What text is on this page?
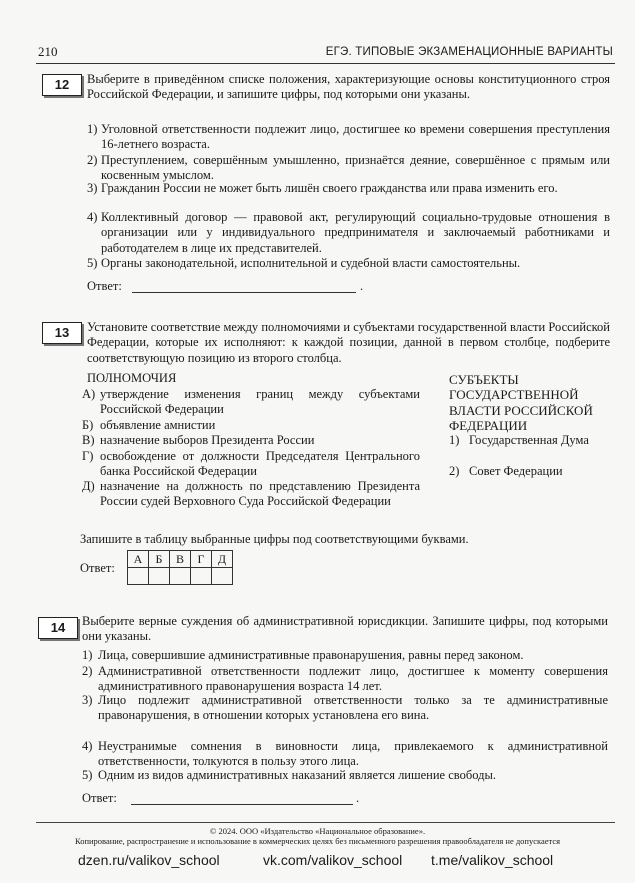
210	ЕГЭ. ТИПОВЫЕ ЭКЗАМЕНАЦИОННЫЕ ВАРИАНТЫ
12	Выберите в приведённом списке положения, характеризующие основы конституционного строя Российской Федерации, и запишите цифры, под которыми они указаны.
1) Уголовной ответственности подлежит лицо, достигшее ко времени совершения преступления 16-летнего возраста.
2) Преступлением, совершённым умышленно, признаётся деяние, совершённое с прямым или косвенным умыслом.
3) Гражданин России не может быть лишён своего гражданства или права изменить его.
4) Коллективный договор — правовой акт, регулирующий социально-трудовые отношения в организации или у индивидуального предпринимателя и заключаемый работниками и работодателем в лице их представителей.
5) Органы законодательной, исполнительной и судебной власти самостоятельны.
Ответ:	.
13	Установите соответствие между полномочиями и субъектами государственной власти Российской Федерации, которые их исполняют: к каждой позиции, данной в первом столбце, подберите соответствующую позицию из второго столбца.
ПОЛНОМОЧИЯ
А) утверждение изменения границ между субъектами Российской Федерации
Б) объявление амнистии
В) назначение выборов Президента России
Г) освобождение от должности Председателя Центрального банка Российской Федерации
Д) назначение на должность по представлению Президента России судей Верховного Суда Российской Федерации
СУБЪЕКТЫ ГОСУДАРСТВЕННОЙ ВЛАСТИ РОССИЙСКОЙ ФЕДЕРАЦИИ
1) Государственная Дума
2) Совет Федерации
Запишите в таблицу выбранные цифры под соответствующими буквами.
Ответ:
А	Б	В	Г	Д

14	Выберите верные суждения об административной юрисдикции. Запишите цифры, под которыми они указаны.
1) Лица, совершившие административные правонарушения, равны перед законом.
2) Административной ответственности подлежит лицо, достигшее к моменту совершения административного правонарушения возраста 14 лет.
3) Лицо подлежит административной ответственности только за те административные правонарушения, в отношении которых установлена его вина.
4) Неустранимые сомнения в виновности лица, привлекаемого к административной ответственности, толкуются в пользу этого лица.
5) Одним из видов административных наказаний является лишение свободы.
Ответ:	.
© 2024. ООО «Издательство «Национальное образование».
Копирование, распространение и использование в коммерческих целях без письменного разрешения правообладателя не допускается
dzen.ru/valikov_school	vk.com/valikov_school t.me/valikov_school
